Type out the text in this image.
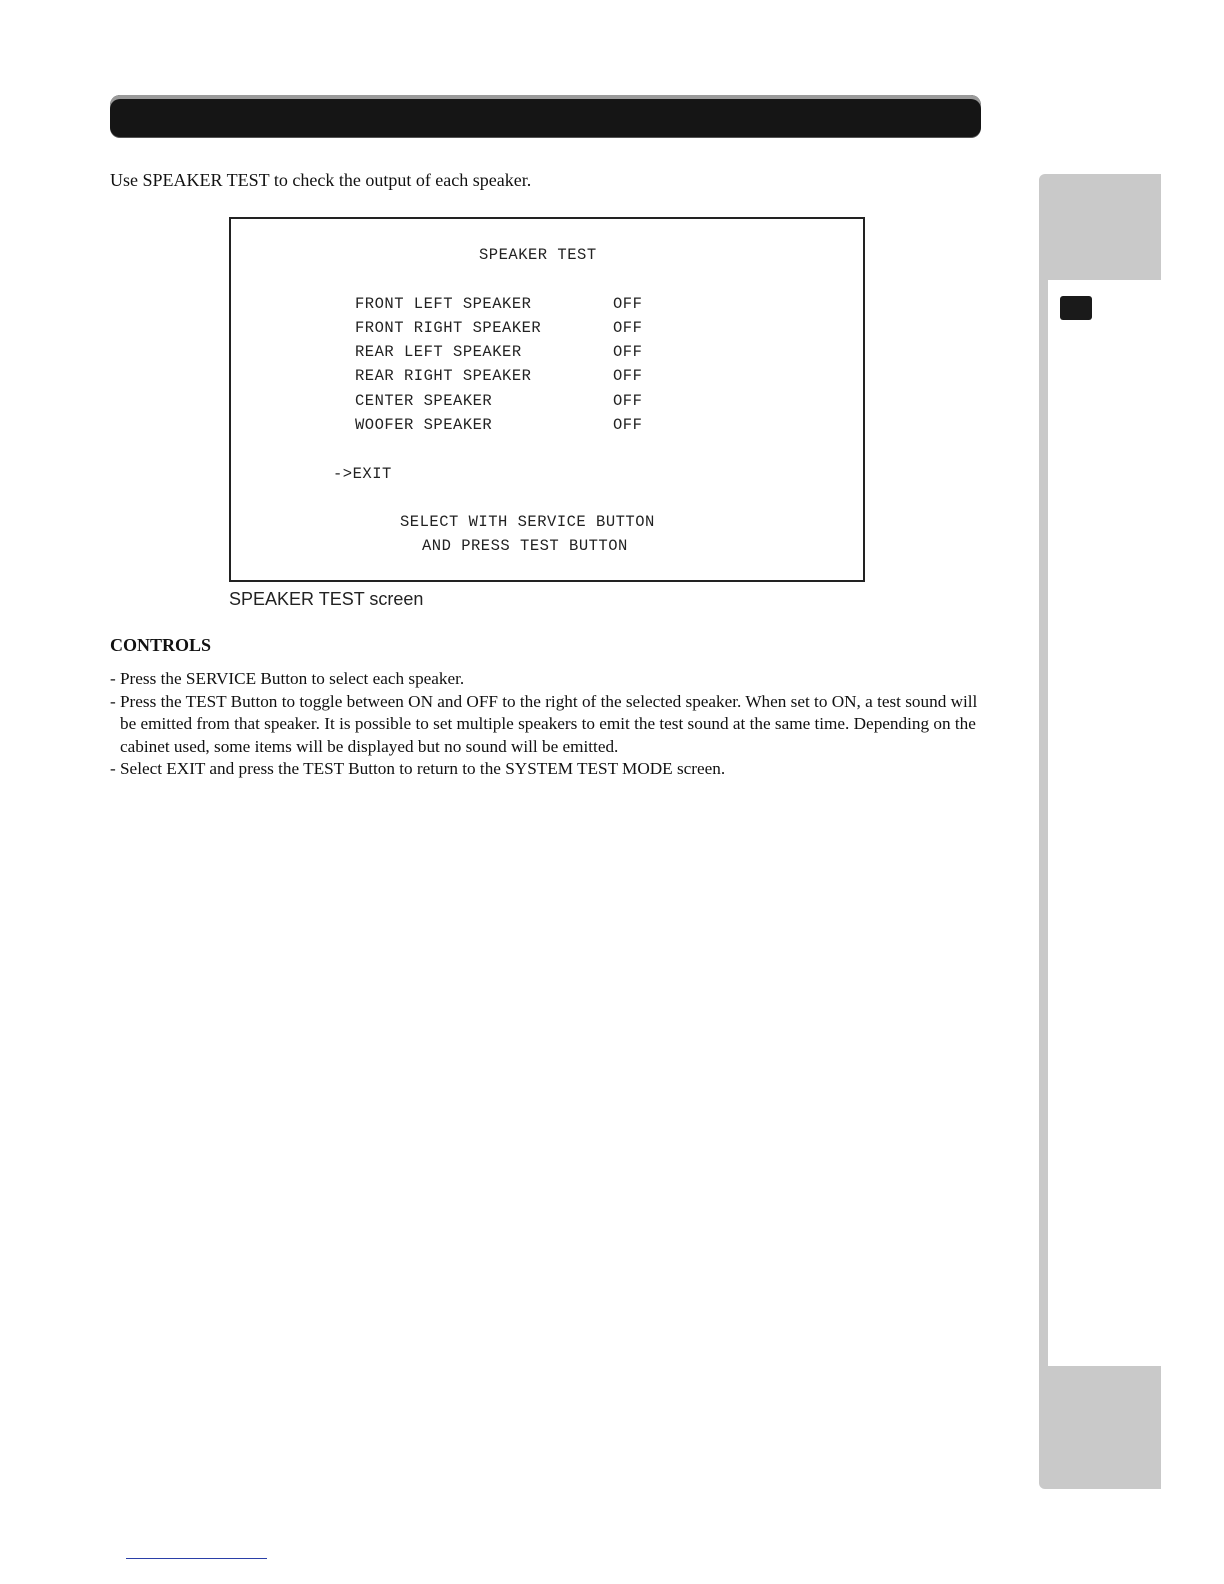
Use SPEAKER TEST to check the output of each speaker.

SPEAKER TEST
FRONT LEFT SPEAKER	OFF
FRONT RIGHT SPEAKER	OFF
REAR LEFT SPEAKER	OFF
REAR RIGHT SPEAKER	OFF
CENTER SPEAKER	OFF
WOOFER SPEAKER	OFF
->EXIT
SELECT WITH SERVICE BUTTON
AND PRESS TEST BUTTON
SPEAKER TEST screen
CONTROLS
- Press the SERVICE Button to select each speaker.
- Press the TEST Button to toggle between ON and OFF to the right of the selected speaker. When set to ON, a test sound will be emitted from that speaker. It is possible to set multiple speakers to emit the test sound at the same time. Depending on the cabinet used, some items will be displayed but no sound will be emitted.
- Select EXIT and press the TEST Button to return to the SYSTEM TEST MODE screen.
